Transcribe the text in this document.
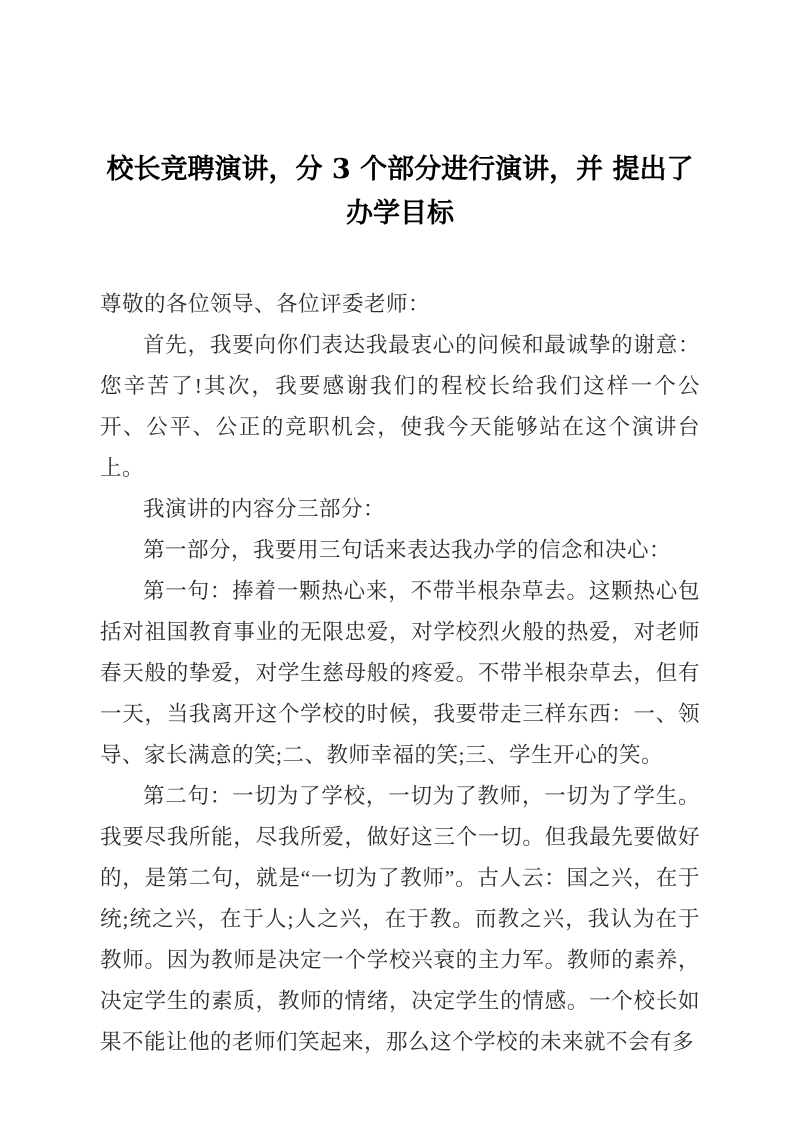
校长竞聘演讲，分 3 个部分进行演讲，并 提出了办学目标

尊敬的各位领导、各位评委老师：

首先，我要向你们表达我最衷心的问候和最诚挚的谢意：您辛苦了!其次，我要感谢我们的程校长给我们这样一个公开、公平、公正的竞职机会，使我今天能够站在这个演讲台上。

我演讲的内容分三部分：

第一部分，我要用三句话来表达我办学的信念和决心：

第一句：捧着一颗热心来，不带半根杂草去。这颗热心包括对祖国教育事业的无限忠爱，对学校烈火般的热爱，对老师春天般的挚爱，对学生慈母般的疼爱。不带半根杂草去，但有一天，当我离开这个学校的时候，我要带走三样东西：一、领导、家长满意的笑;二、教师幸福的笑;三、学生开心的笑。

第二句：一切为了学校，一切为了教师，一切为了学生。我要尽我所能，尽我所爱，做好这三个一切。但我最先要做好的，是第二句，就是“一切为了教师”。古人云：国之兴，在于统;统之兴，在于人;人之兴，在于教。而教之兴，我认为在于教师。因为教师是决定一个学校兴衰的主力军。教师的素养，决定学生的素质，教师的情绪，决定学生的情感。一个校长如果不能让他的老师们笑起来，那么这个学校的未来就不会有多
